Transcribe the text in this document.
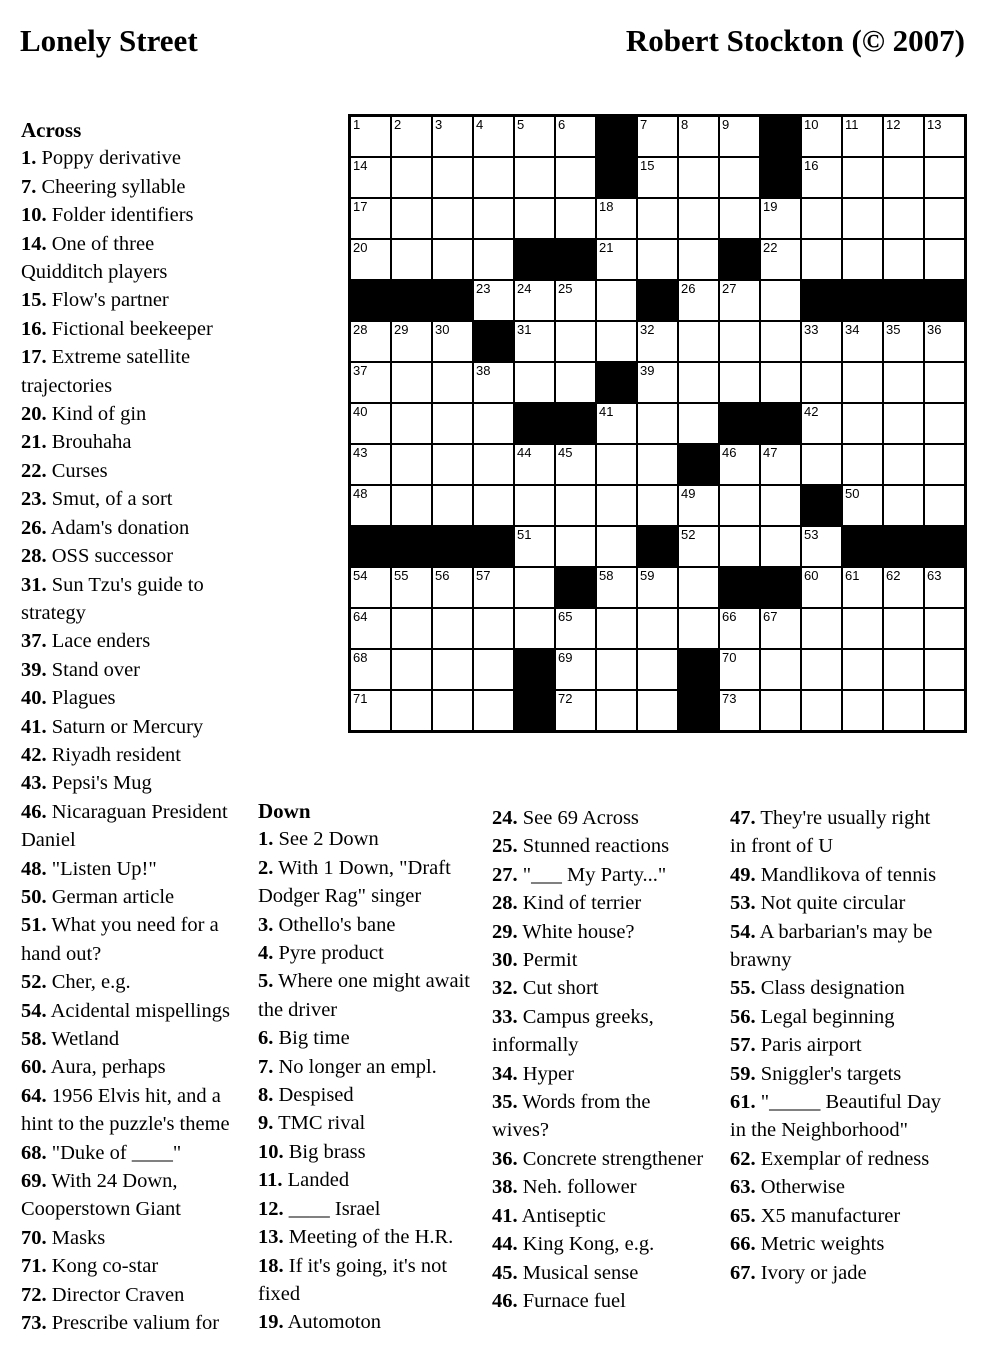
Lonely Street	Robert Stockton (© 2007)
1	2	3	4	5	6	7	8	9	10 11 12 13
14	15	16
17	18	19
20	21	22
23 24 25	26 27
28 29 30	31	32	33 34 35 36
37	38	39
40	41	42
43	44 45	46 47
48	49	50
51	52	53
54 55 56 57	58 59	60 61 62 63
64	65	66 67
68	69	70
71	72	73
Across
1. Poppy derivative
7. Cheering syllable
10. Folder identifiers
14. One of three Quidditch players
15. Flow's partner
16. Fictional beekeeper
17. Extreme satellite trajectories
20. Kind of gin
21. Brouhaha
22. Curses
23. Smut, of a sort
26. Adam's donation
28. OSS successor
31. Sun Tzu's guide to strategy
37. Lace enders
39. Stand over
40. Plagues
41. Saturn or Mercury
42. Riyadh resident
43. Pepsi's Mug
46. Nicaraguan President Daniel
48. "Listen Up!"
50. German article
51. What you need for a hand out?
52. Cher, e.g.
54. Acidental mispellings
58. Wetland
60. Aura, perhaps
64. 1956 Elvis hit, and a hint to the puzzle's theme
68. "Duke of ____"
69. With 24 Down, Cooperstown Giant
70. Masks
71. Kong co-star
72. Director Craven
73. Prescribe valium for
Down
1. See 2 Down
2. With 1 Down, "Draft Dodger Rag" singer
3. Othello's bane
4. Pyre product
5. Where one might await the driver
6. Big time
7. No longer an empl.
8. Despised
9. TMC rival
10. Big brass
11. Landed
12. ____ Israel
13. Meeting of the H.R.
18. If it's going, it's not fixed
19. Automoton
24. See 69 Across
25. Stunned reactions
27. "___ My Party..."
28. Kind of terrier
29. White house?
30. Permit
32. Cut short
33. Campus greeks, informally
34. Hyper
35. Words from the wives?
36. Concrete strengthener
38. Neh. follower
41. Antiseptic
44. King Kong, e.g.
45. Musical sense
46. Furnace fuel
47. They're usually right in front of U
49. Mandlikova of tennis
53. Not quite circular
54. A barbarian's may be brawny
55. Class designation
56. Legal beginning
57. Paris airport
59. Sniggler's targets
61. "_____ Beautiful Day in the Neighborhood"
62. Exemplar of redness
63. Otherwise
65. X5 manufacturer
66. Metric weights
67. Ivory or jade
